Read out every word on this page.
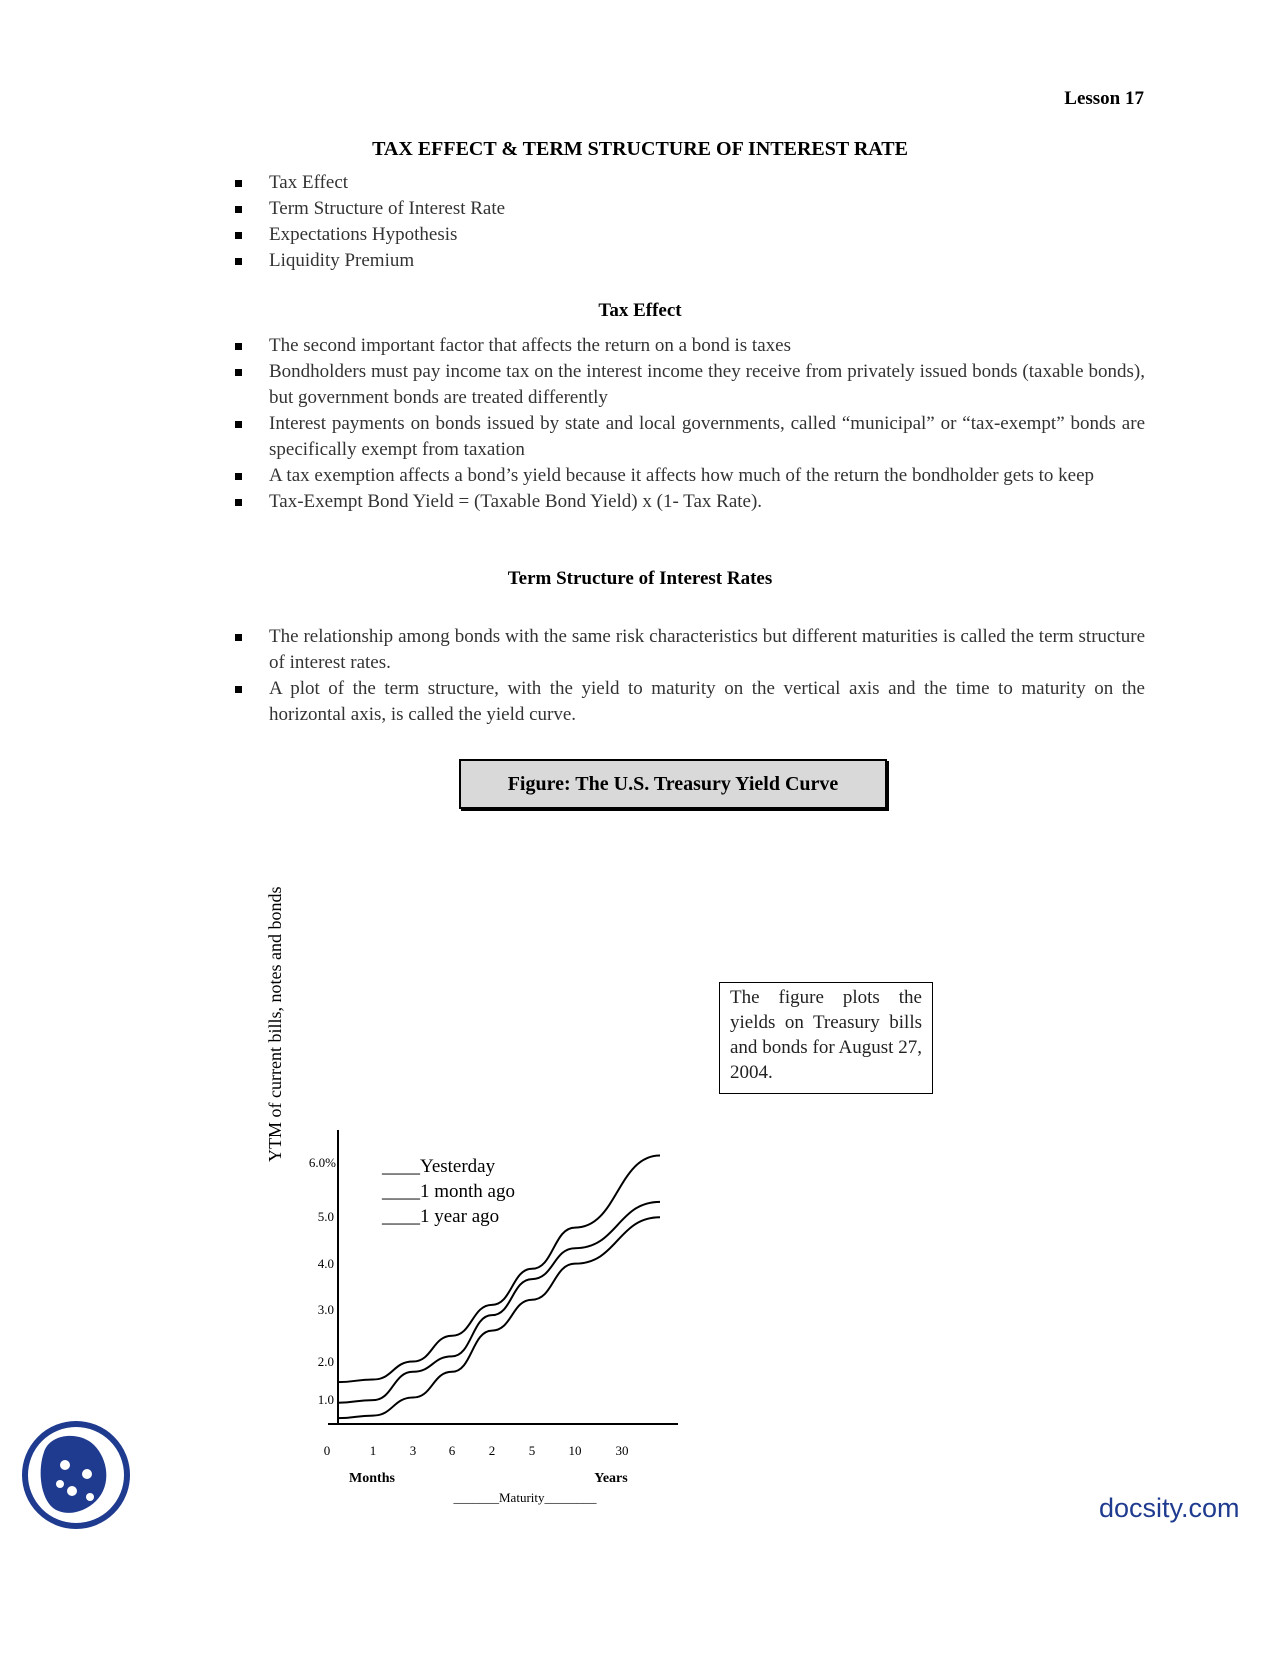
Lesson 17
TAX EFFECT & TERM STRUCTURE OF INTEREST RATE
Tax Effect
Term Structure of Interest Rate
Expectations Hypothesis
Liquidity Premium
Tax Effect
The second important factor that affects the return on a bond is taxes
Bondholders must pay income tax on the interest income they receive from privately issued bonds (taxable bonds), but government bonds are treated differently
Interest payments on bonds issued by state and local governments, called “municipal” or “tax-exempt” bonds are specifically exempt from taxation
A tax exemption affects a bond’s yield because it affects how much of the return the bondholder gets to keep
Tax-Exempt Bond Yield = (Taxable Bond Yield) x (1- Tax Rate).
Term Structure of Interest Rates
The relationship among bonds with the same risk characteristics but different maturities is called the term structure of interest rates.
A plot of the term structure, with the yield to maturity on the vertical axis and the time to maturity on the horizontal axis, is called the yield curve.
Figure: The U.S. Treasury Yield Curve
YTM of current bills, notes and bonds	The figure plots the yields on Treasury bills and bonds for August 27, 2004.
6.0%
5.0
4.0
3.0
2.0
1.0
0	1	3	6	2	5	10	30
Months	Years
_______Maturity________
____Yesterday
____1 month ago
____1 year ago
docsity.com
